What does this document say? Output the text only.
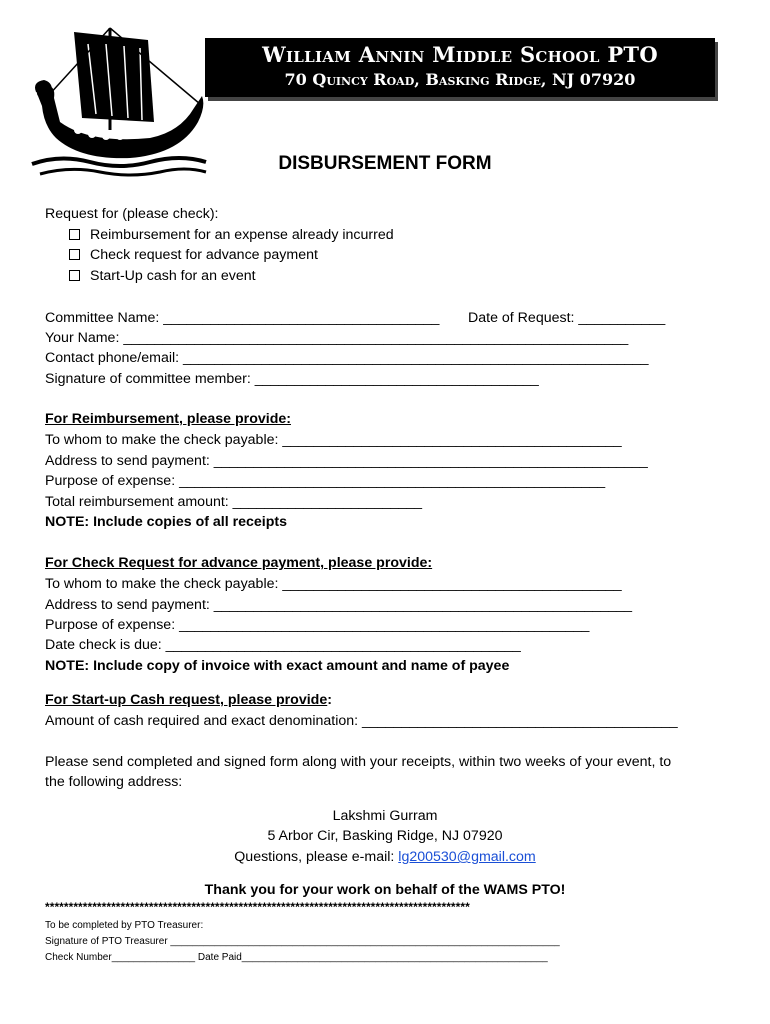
William Annin Middle School PTO
70 Quincy Road, Basking Ridge, NJ 07920
DISBURSEMENT FORM
Request for (please check):
Reimbursement for an expense already incurred
Check request for advance payment
Start-Up cash for an event
Committee Name: ___________________________________ Date of Request: ___________
Your Name: ________________________________________________________________
Contact phone/email: ___________________________________________________________
Signature of committee member: ____________________________________
For Reimbursement, please provide:
To whom to make the check payable: ___________________________________________
Address to send payment: _______________________________________________________
Purpose of expense: ______________________________________________________
Total reimbursement amount: ________________________
NOTE: Include copies of all receipts
For Check Request for advance payment, please provide:
To whom to make the check payable: ___________________________________________
Address to send payment: _____________________________________________________
Purpose of expense: ____________________________________________________
Date check is due: _____________________________________________
NOTE: Include copy of invoice with exact amount and name of payee
For Start-up Cash request, please provide:
Amount of cash required and exact denomination: ________________________________________
Please send completed and signed form along with your receipts, within two weeks of your event, to
the following address:
Lakshmi Gurram
5 Arbor Cir, Basking Ridge, NJ 07920
Questions, please e-mail: lg200530@gmail.com
Thank you for your work on behalf of the WAMS PTO!
******************************************************************************************
To be completed by PTO Treasurer:
Signature of PTO Treasurer ______________________________________________________________________
Check Number_______________ Date Paid_______________________________________________________
